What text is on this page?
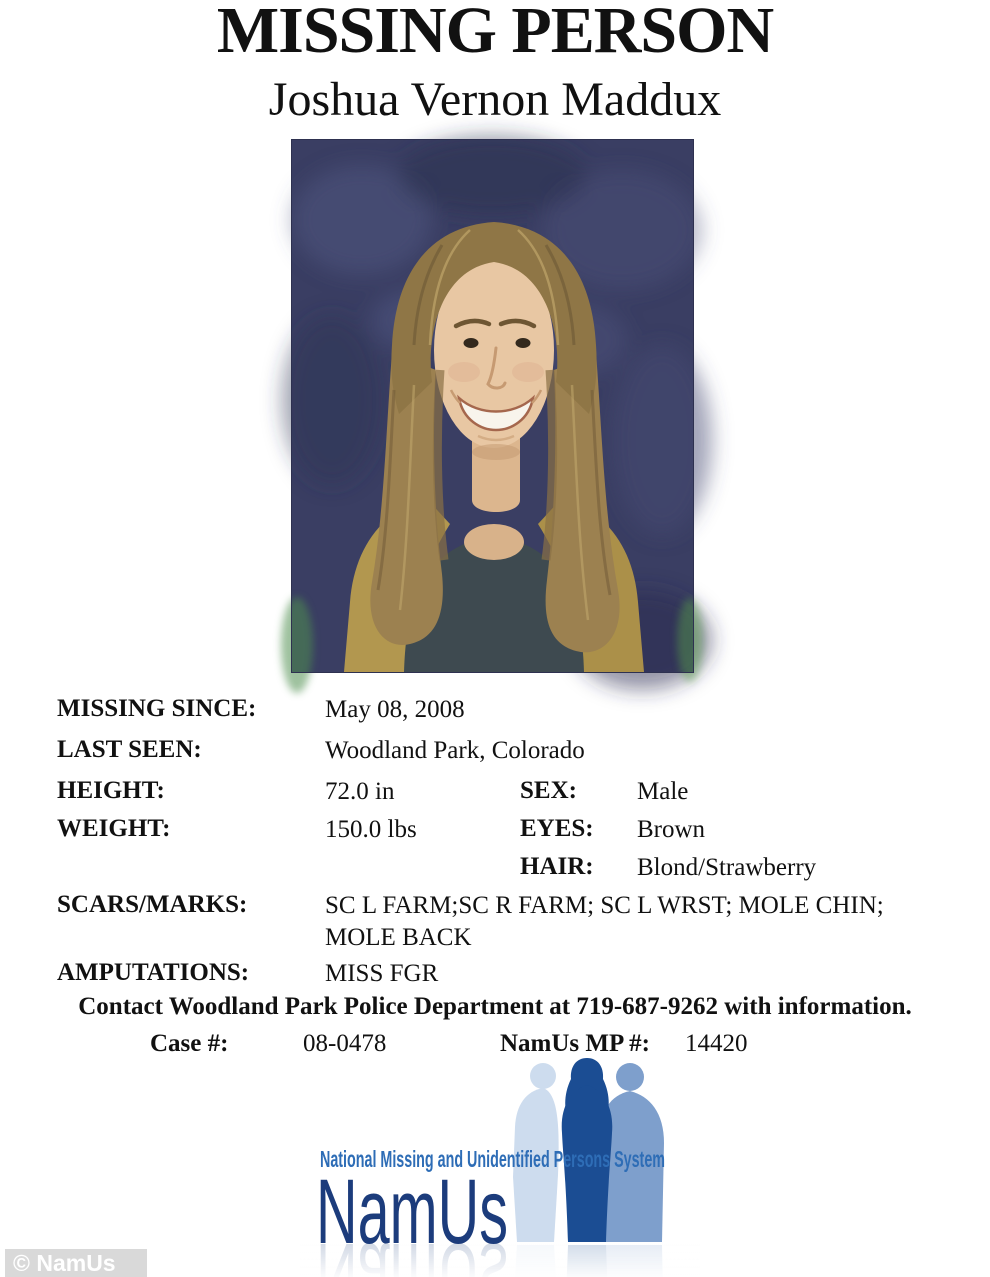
MISSING PERSON
Joshua Vernon Maddux
MISSING SINCE:	May 08, 2008
LAST SEEN:	Woodland Park, Colorado
HEIGHT:	72.0 in	SEX: Male
WEIGHT:	150.0 lbs	EYES: Brown
HAIR: Blond/Strawberry
SCARS/MARKS:	SC L FARM;SC R FARM; SC L WRST; MOLE CHIN; MOLE BACK
AMPUTATIONS:	MISS FGR
Contact Woodland Park Police Department at 719-687-9262 with information.
Case #:	08-0478	NamUs MP #: 14420
© NamUs
